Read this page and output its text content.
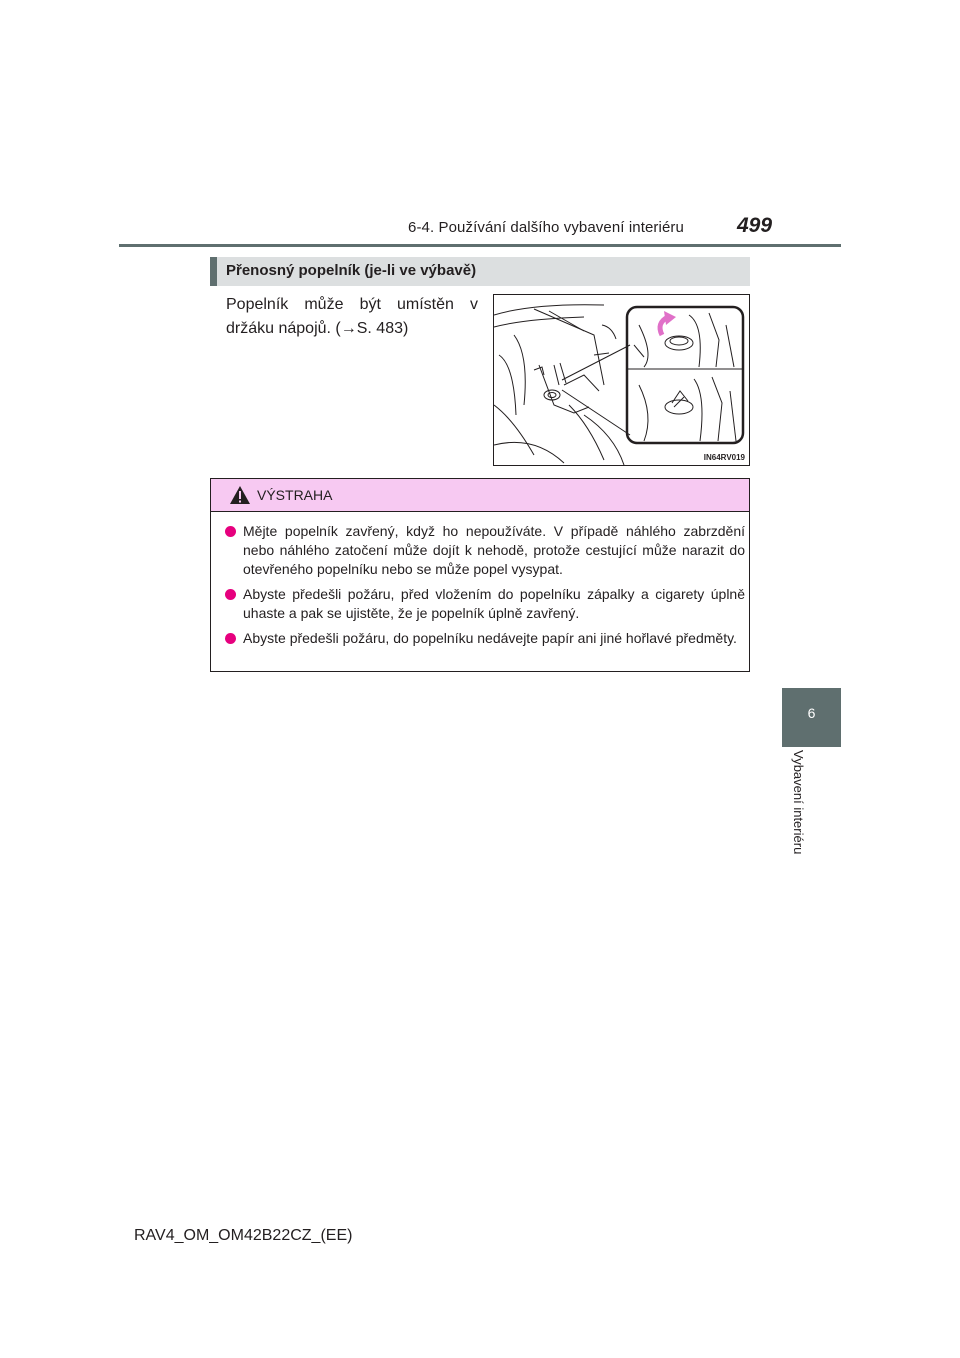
6-4. Používání dalšího vybavení interiéru	499
Přenosný popelník (je-li ve výbavě)

Popelník může být umístěn v držáku nápojů. (→S. 483)

IN64RV019
VÝSTRAHA
Mějte popelník zavřený, když ho nepoužíváte. V případě náhlého zabrzdění nebo náhlého zatočení může dojít k nehodě, protože cestující může narazit do otevřeného popelníku nebo se může popel vysypat.
Abyste předešli požáru, před vložením do popelníku zápalky a cigarety úplně uhaste a pak se ujistěte, že je popelník úplně zavřený.
Abyste předešli požáru, do popelníku nedávejte papír ani jiné hořlavé předměty.
6
Vybavení interiéru
RAV4_OM_OM42B22CZ_(EE)
